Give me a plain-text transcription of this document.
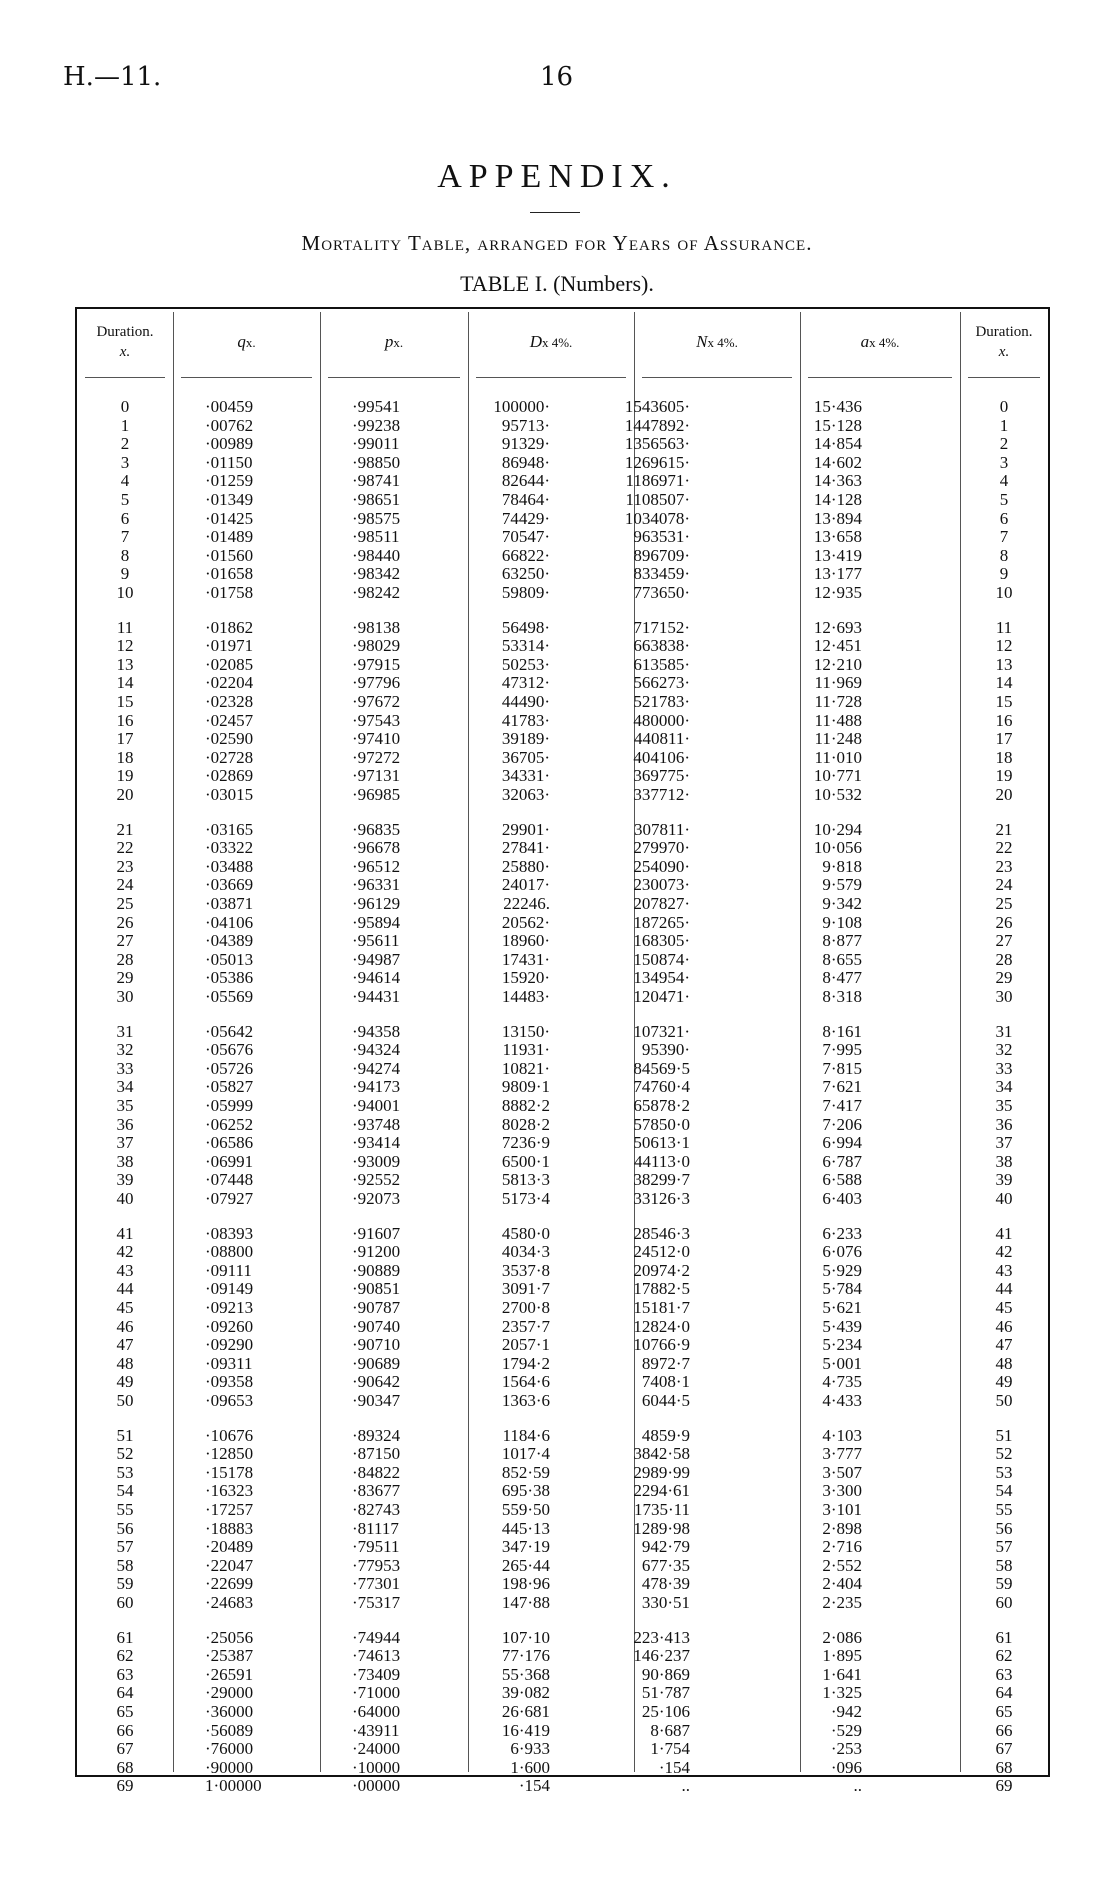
H.—11.	16
APPENDIX.
Mortality Table, arranged for Years of Assurance.
TABLE I. (Numbers).
Duration.
x.
qx.	px.	Dx 4%.	Nx 4%.	ax 4%.
Duration.
x.
0	·00459	·99541	100000·	1543605·	15·436	0
1	·00762	·99238	95713·	1447892·	15·128	1
2	·00989	·99011	91329·	1356563·	14·854	2
3	·01150	·98850	86948·	1269615·	14·602	3
4	·01259	·98741	82644·	1186971·	14·363	4
5	·01349	·98651	78464·	1108507·	14·128	5
6	·01425	·98575	74429·	1034078·	13·894	6
7	·01489	·98511	70547·	963531·	13·658	7
8	·01560	·98440	66822·	896709·	13·419	8
9	·01658	·98342	63250·	833459·	13·177	9
10	·01758	·98242	59809·	773650·	12·935	10
11	·01862	·98138	56498·	717152·	12·693	11
12	·01971	·98029	53314·	663838·	12·451	12
13	·02085	·97915	50253·	613585·	12·210	13
14	·02204	·97796	47312·	566273·	11·969	14
15	·02328	·97672	44490·	521783·	11·728	15
16	·02457	·97543	41783·	480000·	11·488	16
17	·02590	·97410	39189·	440811·	11·248	17
18	·02728	·97272	36705·	404106·	11·010	18
19	·02869	·97131	34331·	369775·	10·771	19
20	·03015	·96985	32063·	337712·	10·532	20
21	·03165	·96835	29901·	307811·	10·294	21
22	·03322	·96678	27841·	279970·	10·056	22
23	·03488	·96512	25880·	254090·	9·818	23
24	·03669	·96331	24017·	230073·	9·579	24
25	·03871	·96129	22246.	207827·	9·342	25
26	·04106	·95894	20562·	187265·	9·108	26
27	·04389	·95611	18960·	168305·	8·877	27
28	·05013	·94987	17431·	150874·	8·655	28
29	·05386	·94614	15920·	134954·	8·477	29
30	·05569	·94431	14483·	120471·	8·318	30
31	·05642	·94358	13150·	107321·	8·161	31
32	·05676	·94324	11931·	95390·	7·995	32
33	·05726	·94274	10821·	84569·5	7·815	33
34	·05827	·94173	9809·1	74760·4	7·621	34
35	·05999	·94001	8882·2	65878·2	7·417	35
36	·06252	·93748	8028·2	57850·0	7·206	36
37	·06586	·93414	7236·9	50613·1	6·994	37
38	·06991	·93009	6500·1	44113·0	6·787	38
39	·07448	·92552	5813·3	38299·7	6·588	39
40	·07927	·92073	5173·4	33126·3	6·403	40
41	·08393	·91607	4580·0	28546·3	6·233	41
42	·08800	·91200	4034·3	24512·0	6·076	42
43	·09111	·90889	3537·8	20974·2	5·929	43
44	·09149	·90851	3091·7	17882·5	5·784	44
45	·09213	·90787	2700·8	15181·7	5·621	45
46	·09260	·90740	2357·7	12824·0	5·439	46
47	·09290	·90710	2057·1	10766·9	5·234	47
48	·09311	·90689	1794·2	8972·7	5·001	48
49	·09358	·90642	1564·6	7408·1	4·735	49
50	·09653	·90347	1363·6	6044·5	4·433	50
51	·10676	·89324	1184·6	4859·9	4·103	51
52	·12850	·87150	1017·4	3842·58	3·777	52
53	·15178	·84822	852·59	2989·99	3·507	53
54	·16323	·83677	695·38	2294·61	3·300	54
55	·17257	·82743	559·50	1735·11	3·101	55
56	·18883	·81117	445·13	1289·98	2·898	56
57	·20489	·79511	347·19	942·79	2·716	57
58	·22047	·77953	265·44	677·35	2·552	58
59	·22699	·77301	198·96	478·39	2·404	59
60	·24683	·75317	147·88	330·51	2·235	60
61	·25056	·74944	107·10	223·413	2·086	61
62	·25387	·74613	77·176	146·237	1·895	62
63	·26591	·73409	55·368	90·869	1·641	63
64	·29000	·71000	39·082	51·787	1·325	64
65	·36000	·64000	26·681	25·106	·942	65
66	·56089	·43911	16·419	8·687	·529	66
67	·76000	·24000	6·933	1·754	·253	67
68	·90000	·10000	1·600	·154	·096	68
69	1·00000	·00000	·154	..	..	69
